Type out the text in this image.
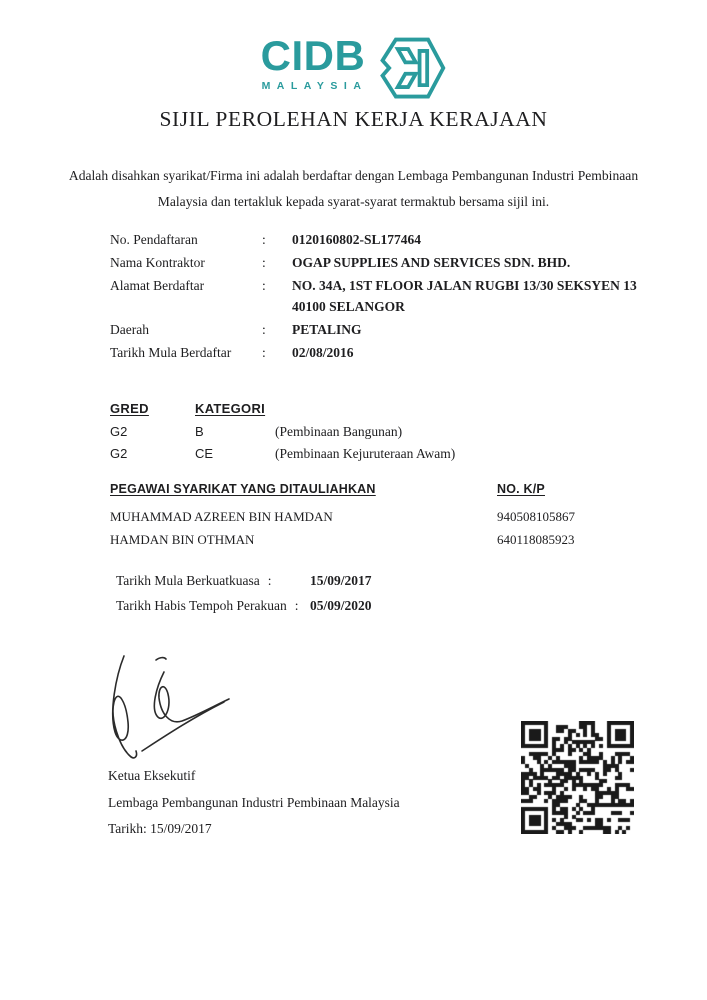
CIDB
MALAYSIA
SIJIL PEROLEHAN KERJA KERAJAAN

Adalah disahkan syarikat/Firma ini adalah berdaftar dengan Lembaga Pembangunan Industri Pembinaan
Malaysia dan tertakluk kepada syarat-syarat termaktub bersama sijil ini.

No. Pendaftaran	:	0120160802-SL177464
Nama Kontraktor	:	OGAP SUPPLIES AND SERVICES SDN. BHD.
Alamat Berdaftar	:	NO. 34A, 1ST FLOOR JALAN RUGBI 13/30 SEKSYEN 13
40100 SELANGOR
Daerah	:	PETALING
Tarikh Mula Berdaftar	:	02/08/2016
GRED	KATEGORI
G2	B	(Pembinaan Bangunan)
G2	CE	(Pembinaan Kejuruteraan Awam)
PEGAWAI SYARIKAT YANG DITAULIAHKAN	NO. K/P
MUHAMMAD AZREEN BIN HAMDAN	940508105867
HAMDAN BIN OTHMAN	640118085923
Tarikh Mula Berkuatkuasa :	15/09/2017
Tarikh Habis Tempoh Perakuan : 05/09/2020
Ketua Eksekutif
Lembaga Pembangunan Industri Pembinaan Malaysia
Tarikh: 15/09/2017
